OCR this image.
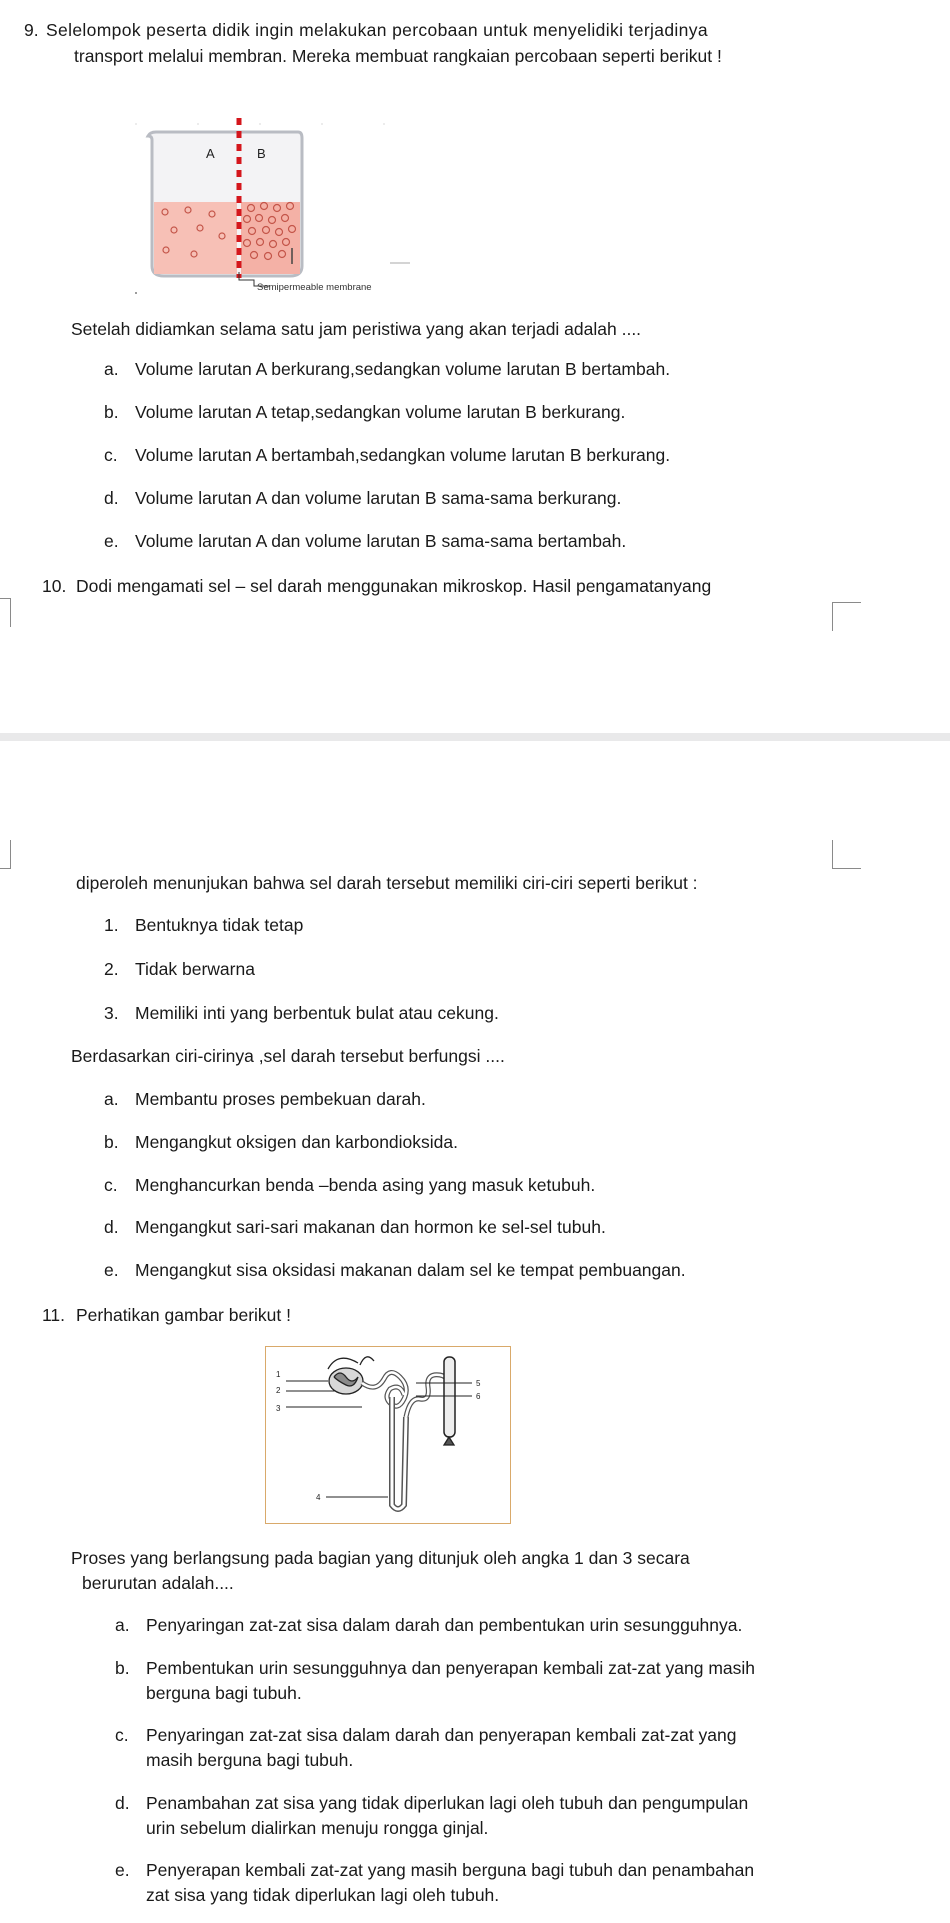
9. Selelompok peserta didik ingin melakukan percobaan untuk menyelidiki terjadinya
transport melalui membran. Mereka membuat rangkaian percobaan seperti berikut !
A	B
Semipermeable membrane
Setelah didiamkan selama satu jam peristiwa yang akan terjadi adalah ....
a. Volume larutan A berkurang,sedangkan volume larutan B bertambah.
b. Volume larutan A tetap,sedangkan volume larutan B berkurang.
c. Volume larutan A bertambah,sedangkan volume larutan B berkurang.
d. Volume larutan A dan volume larutan B sama-sama berkurang.
e. Volume larutan A dan volume larutan B sama-sama bertambah.
10. Dodi mengamati sel – sel darah menggunakan mikroskop. Hasil pengamatanyang
diperoleh menunjukan bahwa sel darah tersebut memiliki ciri-ciri seperti berikut :
1. Bentuknya tidak tetap
2. Tidak berwarna
3. Memiliki inti yang berbentuk bulat atau cekung.
Berdasarkan ciri-cirinya ,sel darah tersebut berfungsi ....
a. Membantu proses pembekuan darah.
b. Mengangkut oksigen dan karbondioksida.
c. Menghancurkan benda –benda asing yang masuk ketubuh.
d. Mengangkut sari-sari makanan dan hormon ke sel-sel tubuh.
e. Mengangkut sisa oksidasi makanan dalam sel ke tempat pembuangan.
11. Perhatikan gambar berikut !
1
2
3
4
5
6
Proses yang berlangsung pada bagian yang ditunjuk oleh angka 1 dan 3 secara
berurutan adalah....
a. Penyaringan zat-zat sisa dalam darah dan pembentukan urin sesungguhnya.
b. Pembentukan urin sesungguhnya dan penyerapan kembali zat-zat yang masih
berguna bagi tubuh.
c. Penyaringan zat-zat sisa dalam darah dan penyerapan kembali zat-zat yang
masih berguna bagi tubuh.
d. Penambahan zat sisa yang tidak diperlukan lagi oleh tubuh dan pengumpulan
urin sebelum dialirkan menuju rongga ginjal.
e. Penyerapan kembali zat-zat yang masih berguna bagi tubuh dan penambahan
zat sisa yang tidak diperlukan lagi oleh tubuh.
